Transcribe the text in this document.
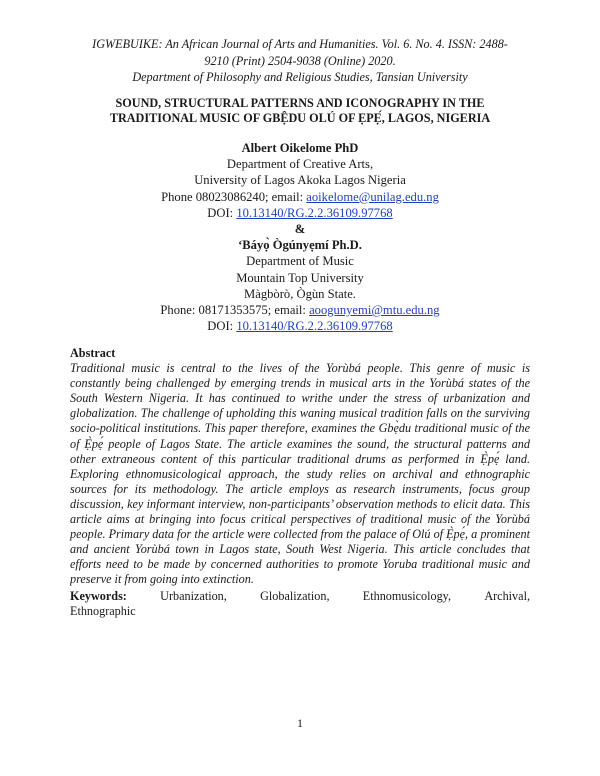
IGWEBUIKE: An African Journal of Arts and Humanities. Vol. 6. No. 4. ISSN: 2488-
9210 (Print) 2504-9038 (Online) 2020.
Department of Philosophy and Religious Studies, Tansian University
SOUND, STRUCTURAL PATTERNS AND ICONOGRAPHY IN THE
TRADITIONAL MUSIC OF GBỆDU OLÚ OF ẸPẸ́, LAGOS, NIGERIA
Albert Oikelome PhD
Department of Creative Arts,
University of Lagos Akoka Lagos Nigeria
Phone 08023086240; email: aoikelome@unilag.edu.ng
DOI: 10.13140/RG.2.2.36109.97768
&
‘Báyọ̀ Ògúnyẹmí Ph.D.
Department of Music
Mountain Top University
Màgbòrò, Ògùn State.
Phone: 08171353575; email: aoogunyemi@mtu.edu.ng
DOI: 10.13140/RG.2.2.36109.97768
Abstract
Traditional music is central to the lives of the Yorùbá people. This genre of music is constantly being challenged by emerging trends in musical arts in the Yorùbá states of the South Western Nigeria. It has continued to writhe under the stress of urbanization and globalization. The challenge of upholding this waning musical tradition falls on the surviving socio-political institutions. This paper therefore, examines the Gbẹ̀du traditional music of the of Ẹ̀pẹ́ people of Lagos State. The article examines the sound, the structural patterns and other extraneous content of this particular traditional drums as performed in Ẹ̀pẹ́ land. Exploring ethnomusicological approach, the study relies on archival and ethnographic sources for its methodology. The article employs as research instruments, focus group discussion, key informant interview, non-participants’ observation methods to elicit data. This article aims at bringing into focus critical perspectives of traditional music of the Yorùbá people. Primary data for the article were collected from the palace of Olú of Ẹ̀pẹ́, a prominent and ancient Yorùbá town in Lagos state, South West Nigeria. This article concludes that efforts need to be made by concerned authorities to promote Yoruba traditional music and preserve it from going into extinction.
Keywords:	Urbanization,	Globalization,	Ethnomusicology,	Archival,
Ethnographic
1
